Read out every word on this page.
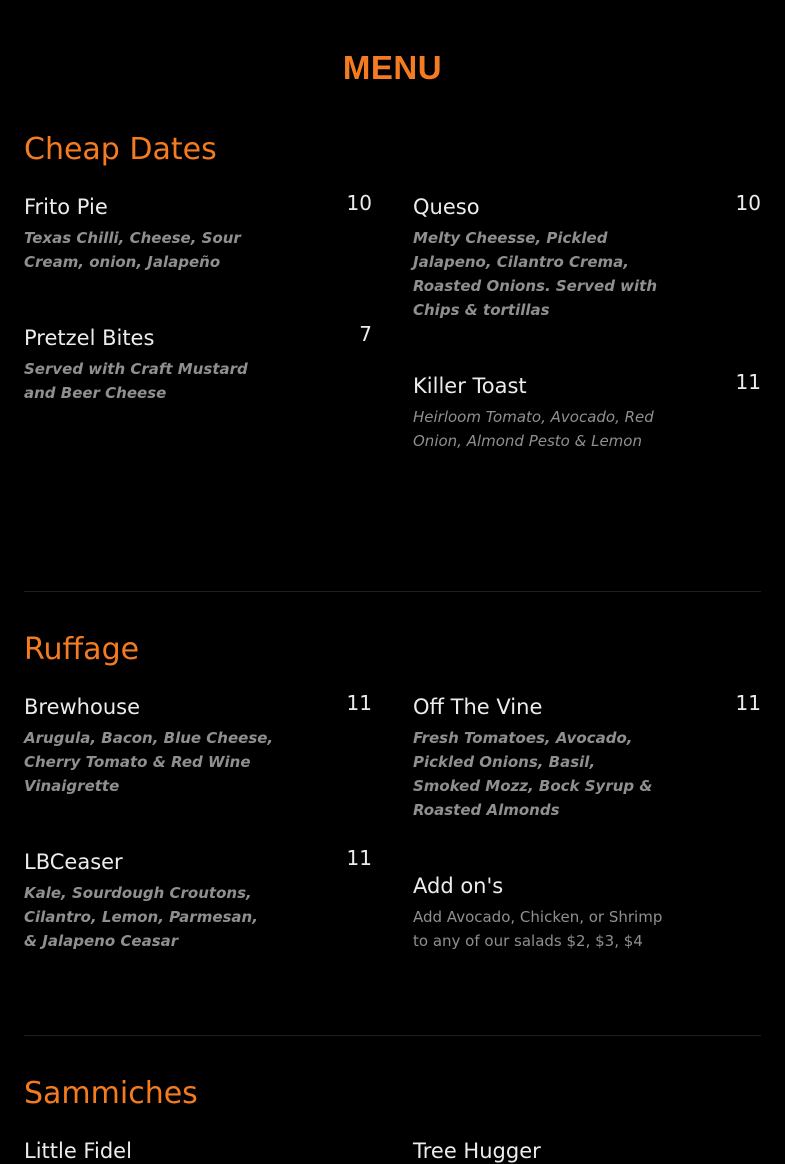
MENU
Cheap Dates
Frito Pie	10
Texas Chilli, Cheese, Sour Cream, onion, Jalapeño
Queso	10
Melty Cheesse, Pickled Jalapeno, Cilantro Crema, Roasted Onions. Served with Chips & tortillas
Pretzel Bites	7
Served with Craft Mustard and Beer Cheese	Killer Toast	11
Heirloom Tomato, Avocado, Red Onion, Almond Pesto & Lemon
Ruffage
Brewhouse	11
Arugula, Bacon, Blue Cheese, Cherry Tomato & Red Wine Vinaigrette
Off The Vine	11
Fresh Tomatoes, Avocado, Pickled Onions, Basil, Smoked Mozz, Bock Syrup & Roasted Almonds
LBCeaser	11
Kale, Sourdough Croutons, Cilantro, Lemon, Parmesan, & Jalapeno Ceasar
Add on's
Add Avocado, Chicken, or Shrimp to any of our salads $2, $3, $4
Sammiches
Little Fidel	Tree Hugger
